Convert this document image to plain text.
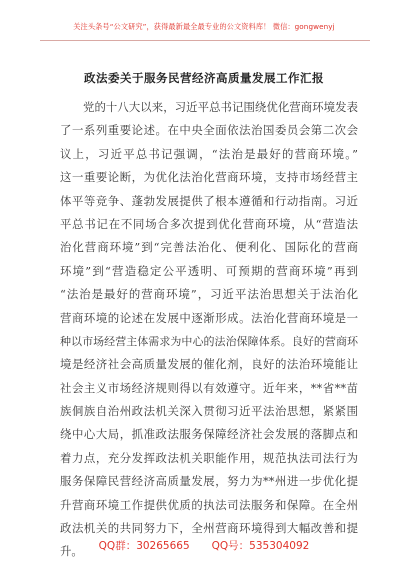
关注头条号“公文研究”，获得最新最全最专业的公文资料库！ 微信：gongwenyj
政法委关于服务民营经济高质量发展工作汇报
党的十八大以来，习近平总书记围绕优化营商环境发表
了一系列重要论述。在中央全面依法治国委员会第二次会
议上，习近平总书记强调，“法治是最好的营商环境。”
这一重要论断，为优化法治化营商环境，支持市场经营主
体平等竞争、蓬勃发展提供了根本遵循和行动指南。习近
平总书记在不同场合多次提到优化营商环境，从“营造法
治化营商环境”到“完善法治化、便利化、国际化的营商
环境”到“营造稳定公平透明、可预期的营商环境”再到
“法治是最好的营商环境”，习近平法治思想关于法治化
营商环境的论述在发展中逐渐形成。法治化营商环境是一
种以市场经营主体需求为中心的法治保障体系。良好的营商环
境是经济社会高质量发展的催化剂，良好的法治环境能让
社会主义市场经济规则得以有效遵守。近年来，**省**苗
族侗族自治州政法机关深入贯彻习近平法治思想，紧紧围
绕中心大局，抓准政法服务保障经济社会发展的落脚点和
着力点，充分发挥政法机关职能作用，规范执法司法行为
服务保障民营经济高质量发展，努力为**州进一步优化提
升营商环境工作提供优质的执法司法服务和保障。在全州
政法机关的共同努力下，全州营商环境得到大幅改善和提
升。	QQ群：30265665 QQ号：535304092
